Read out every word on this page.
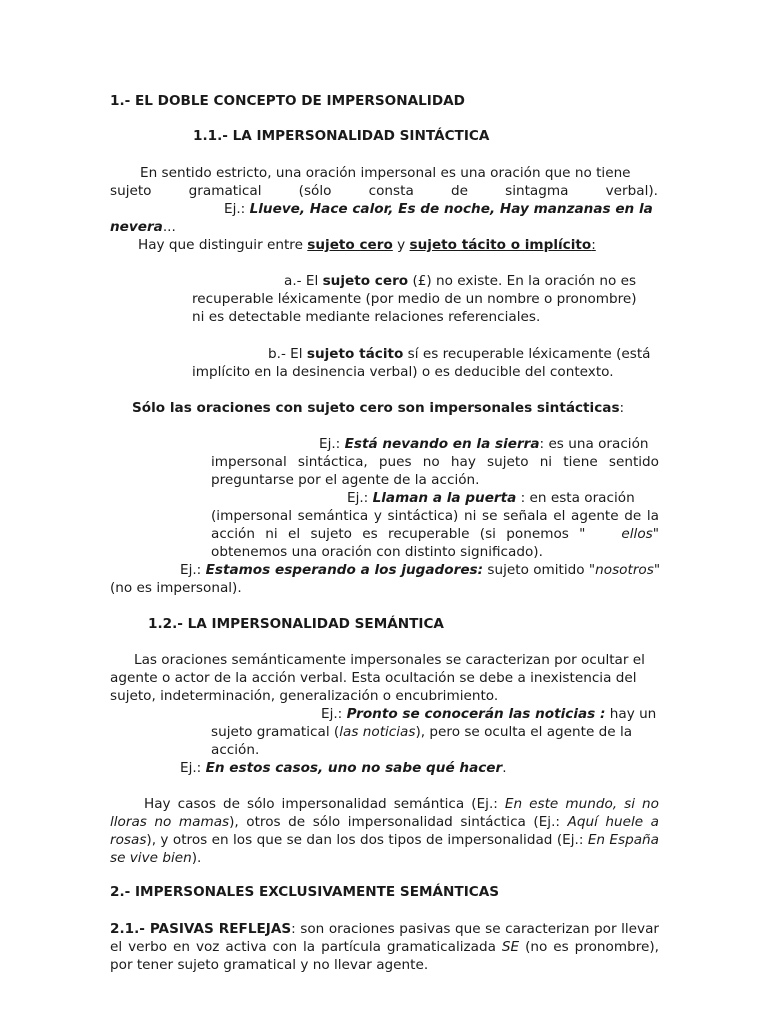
1.- EL DOBLE CONCEPTO DE IMPERSONALIDAD
1.1.- LA IMPERSONALIDAD SINTÁCTICA

En sentido estricto, una oración impersonal es una oración que no tiene

sujeto	gramatical	(sólo	consta	de	sintagma	verbal).

Ej.: Llueve, Hace calor, Es de noche, Hay manzanas en la

nevera...

Hay que distinguir entre sujeto cero y sujeto tácito o implícito:

a.- El sujeto cero (£) no existe. En la oración no es

recuperable léxicamente (por medio de un nombre o pronombre)

ni es detectable mediante relaciones referenciales.

b.- El sujeto tácito sí es recuperable léxicamente (está

implícito en la desinencia verbal) o es deducible del contexto.

Sólo las oraciones con sujeto cero son impersonales sintácticas:

Ej.: Está nevando en la sierra: es una oración

impersonal sintáctica, pues no hay sujeto ni tiene sentido

preguntarse por el agente de la acción.

Ej.: Llaman a la puerta : en esta oración

(impersonal semántica y sintáctica) ni se señala el agente de la

acción ni el sujeto es recuperable (si ponemos "	ellos"

obtenemos una oración con distinto significado).

Ej.: Estamos esperando a los jugadores: sujeto omitido "nosotros"

(no es impersonal).

1.2.- LA IMPERSONALIDAD SEMÁNTICA

Las oraciones semánticamente impersonales se caracterizan por ocultar el

agente o actor de la acción verbal. Esta ocultación se debe a inexistencia del

sujeto, indeterminación, generalización o encubrimiento.

Ej.: Pronto se conocerán las noticias : hay un

sujeto gramatical (las noticias), pero se oculta el agente de la

acción.

Ej.: En estos casos, uno no sabe qué hacer.
Hay casos de sólo impersonalidad semántica (Ej.: En este mundo, si no lloras no mamas), otros de sólo impersonalidad sintáctica (Ej.: Aquí huele a rosas), y otros en los que se dan los dos tipos de impersonalidad (Ej.: En España se vive bien).
2.- IMPERSONALES EXCLUSIVAMENTE SEMÁNTICAS
2.1.- PASIVAS REFLEJAS: son oraciones pasivas que se caracterizan por llevar el verbo en voz activa con la partícula gramaticalizada SE (no es pronombre), por tener sujeto gramatical y no llevar agente.
